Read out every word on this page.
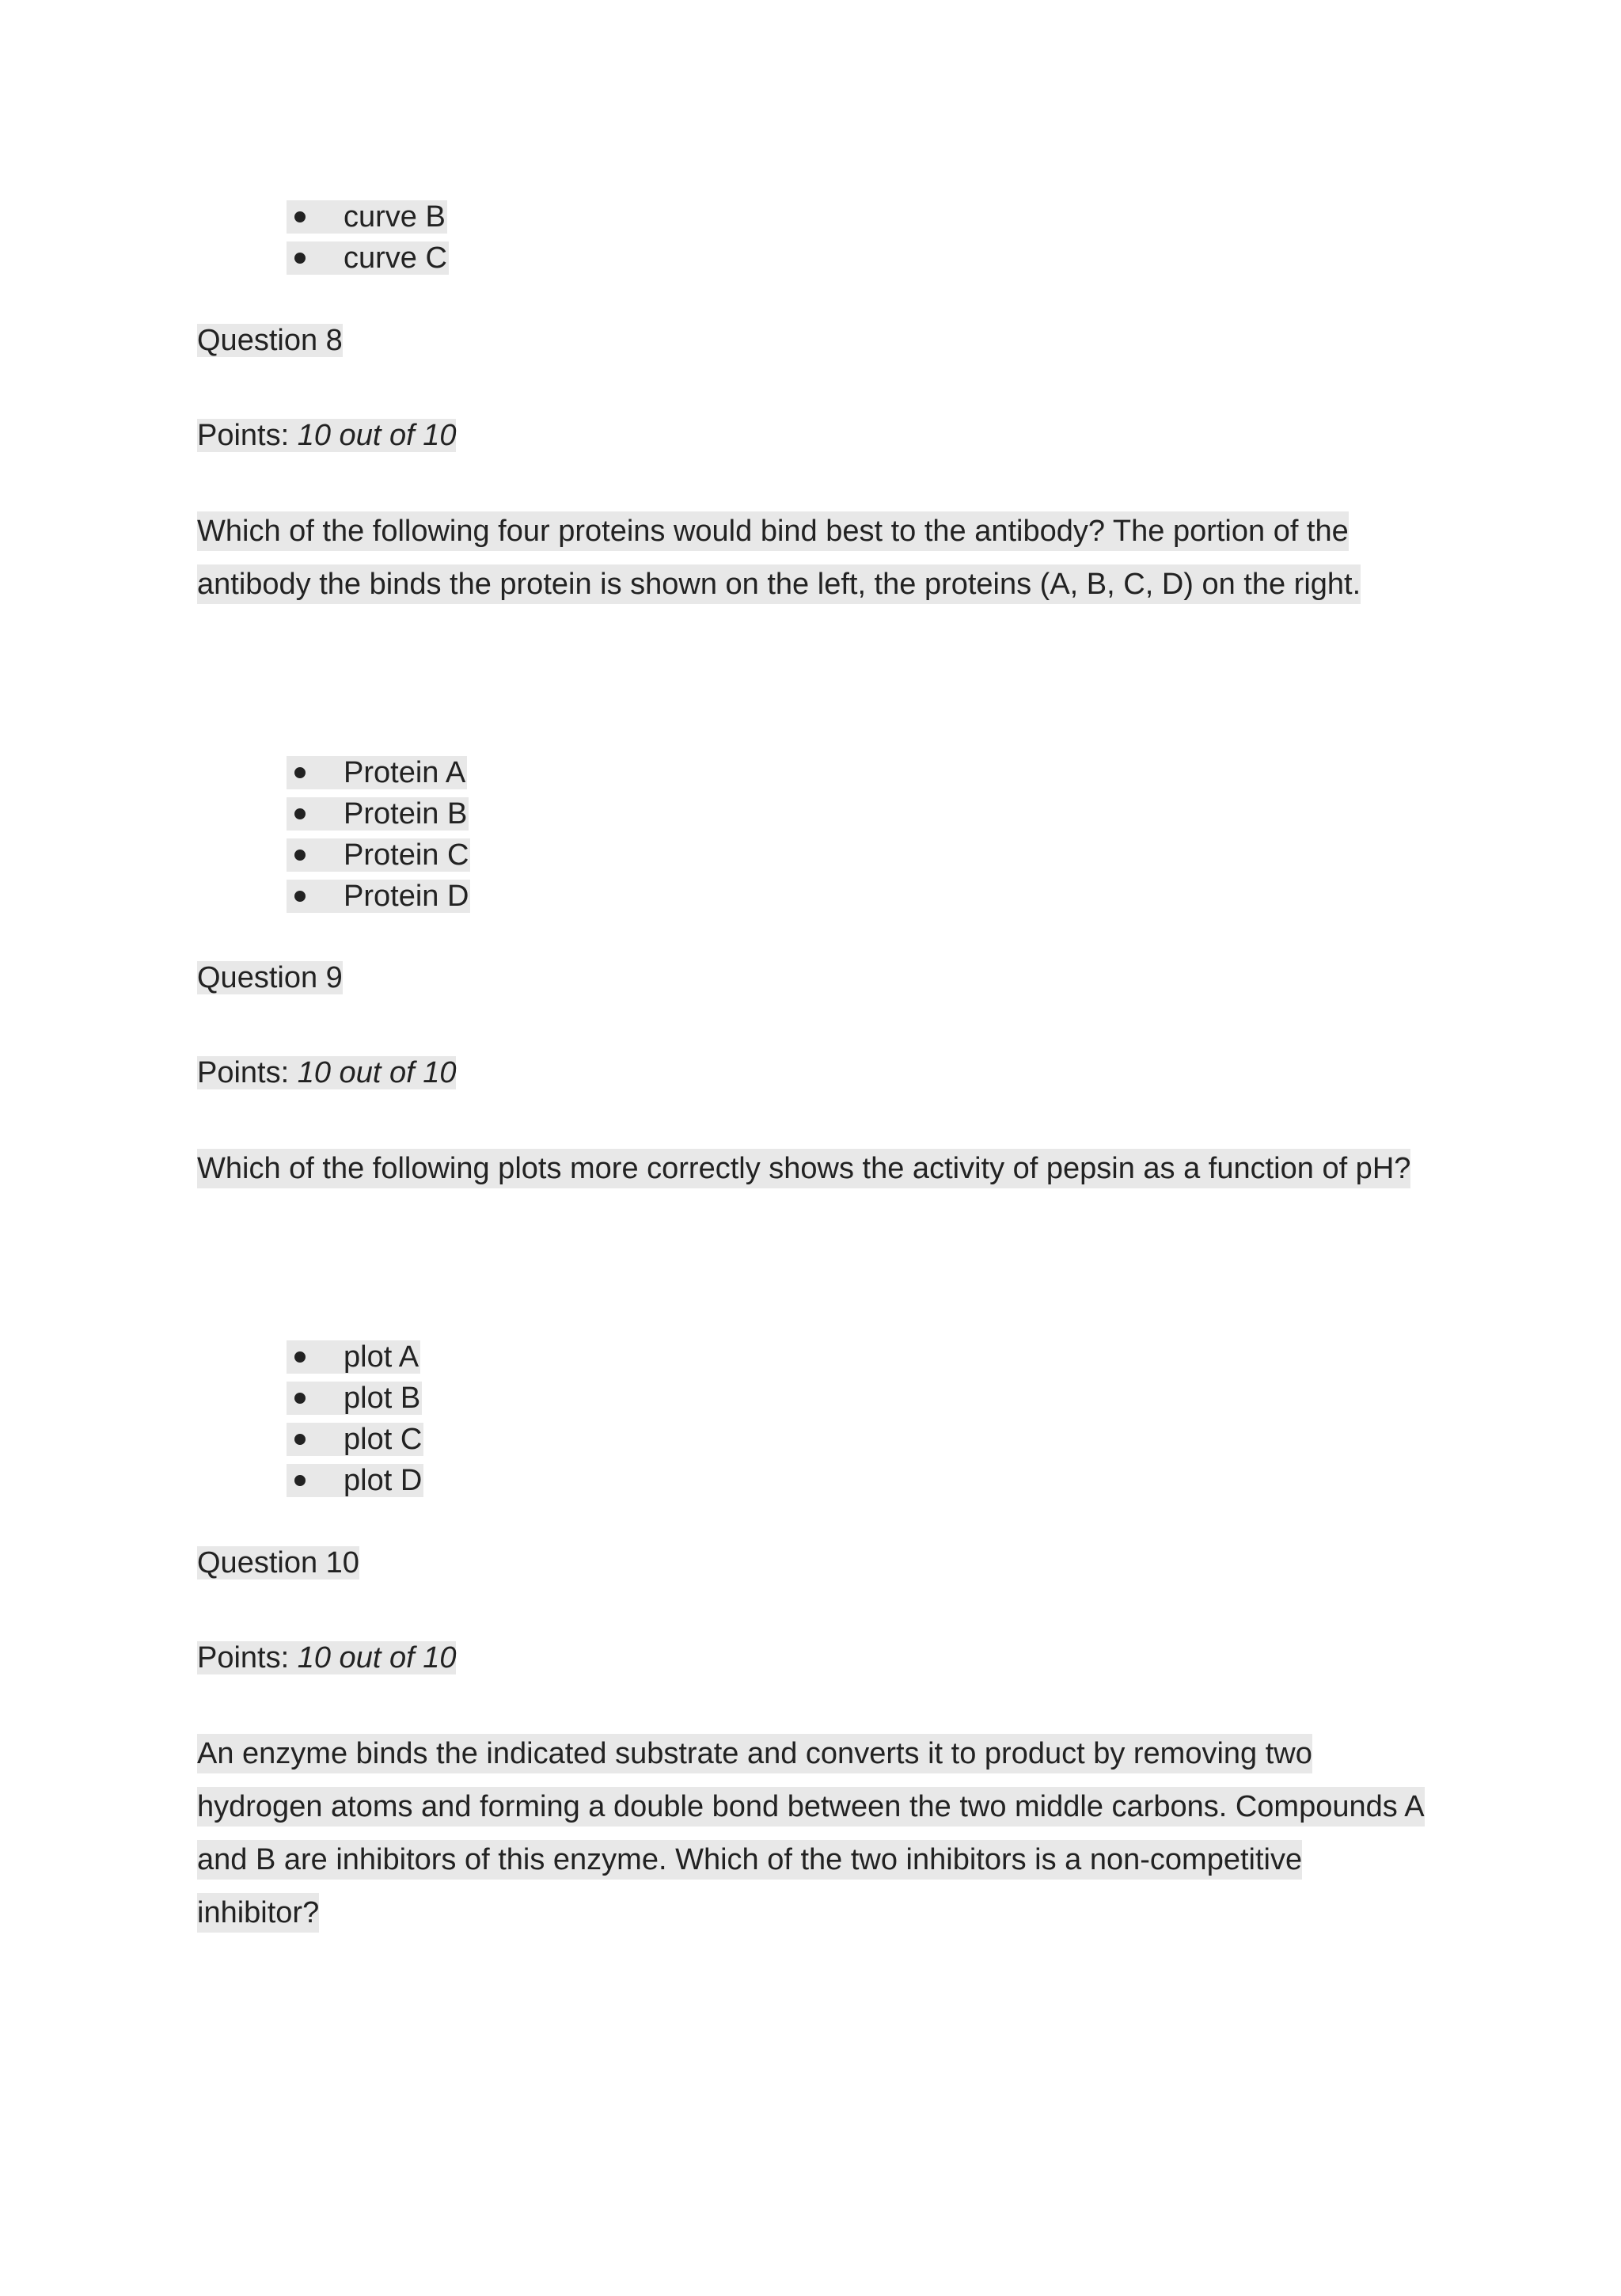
curve B
curve C
Question 8
Points: 10 out of 10

Which of the following four proteins would bind best to the antibody? The portion of the antibody the binds the protein is shown on the left, the proteins (A, B, C, D) on the right.

Protein A
Protein B
Protein C
Protein D
Question 9
Points: 10 out of 10

Which of the following plots more correctly shows the activity of pepsin as a function of pH?

plot A
plot B
plot C
plot D
Question 10
Points: 10 out of 10

An enzyme binds the indicated substrate and converts it to product by removing two hydrogen atoms and forming a double bond between the two middle carbons. Compounds A and B are inhibitors of this enzyme. Which of the two inhibitors is a non-competitive inhibitor?
